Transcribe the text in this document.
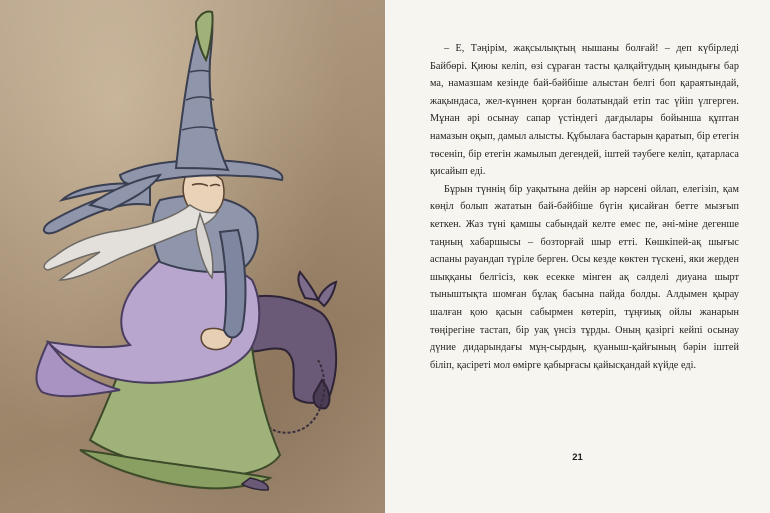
– Е, Тәңірім, жақсылықтың нышаны болғай! – деп күбірледі Байбөрі. Қиюы келіп, өзі сұраған тасты қалқайтудың қиындығы бар ма, намазшам кезінде бай-бәйбіше алыстан белгі боп қараятындай, жақындаса, жел-күннен қорған болатындай етіп тас үйіп үлгерген. Мұнан әрі осынау сапар үстіндегі дағдылары бойынша құптан намазын оқып, дамыл алысты. Құбылаға бастарын қаратып, бір етегін төсеніп, бір етегін жамылып дегендей, іштей тәубеге келіп, қатарласа қисайып еді.

Бұрын түннің бір уақытына дейін әр нәрсені ойлап, елегізіп, қам көңіл болып жататын бай-бәйбіше бүгін қисайған бетте мызғып кеткен. Жаз түні қамшы сабындай келте емес пе, әні-міне дегенше таңның хабаршысы – бозторғай шыр етті. Көшкіпей-ақ шығыс аспаны рауандап түріле берген. Осы кезде көктен түскені, яки жерден шыққаны белгісіз, көк есекке мінген ақ сәлделі диуана шырт тыныштықта шомған бұлақ басына пайда болды. Алдымен қырау шалған қою қасын сабырмен көтеріп, тұңғиық ойлы жанарын төңірегіне тастап, бір уақ үнсіз тұрды. Оның қазіргі кейпі осынау дүние дидарындағы мұң-сырдың, қуаныш-қайғының бәрін іштей біліп, қасіреті мол өмірге қабырғасы қайысқандай күйде еді.

21
